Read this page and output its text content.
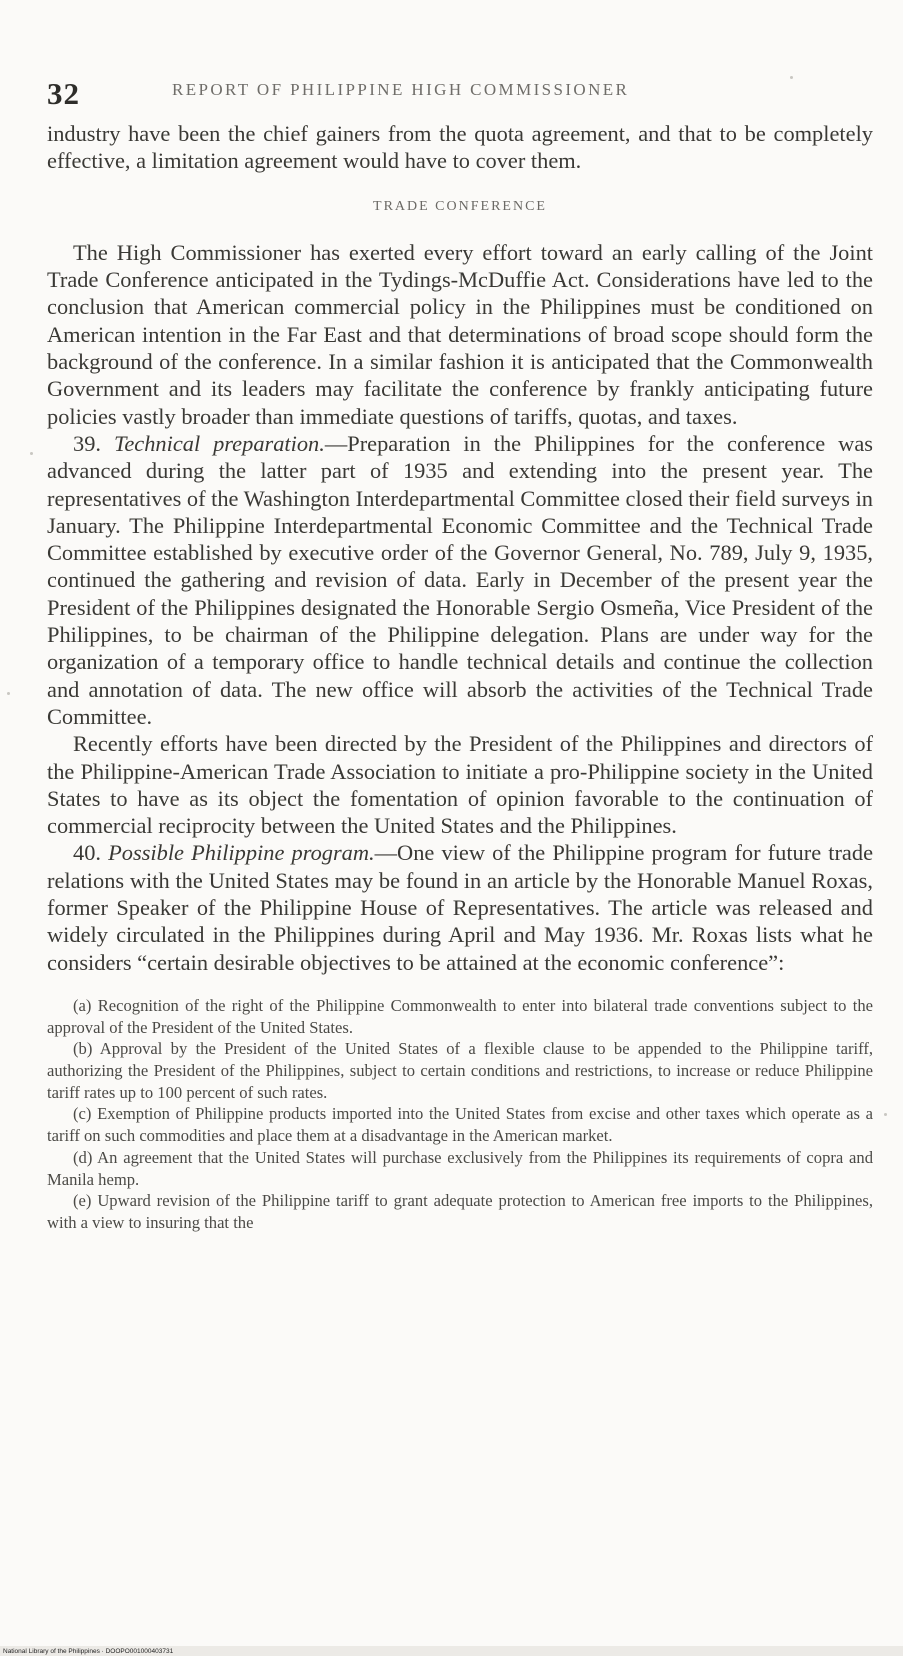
32	REPORT OF PHILIPPINE HIGH COMMISSIONER

industry have been the chief gainers from the quota agreement, and that to be completely effective, a limitation agreement would have to cover them.

TRADE CONFERENCE

The High Commissioner has exerted every effort toward an early calling of the Joint Trade Conference anticipated in the Tydings-McDuffie Act. Considerations have led to the conclusion that American commercial policy in the Philippines must be conditioned on American intention in the Far East and that determinations of broad scope should form the background of the conference. In a similar fashion it is anticipated that the Commonwealth Government and its leaders may facilitate the conference by frankly anticipating future policies vastly broader than immediate questions of tariffs, quotas, and taxes.

39. Technical preparation.—Preparation in the Philippines for the conference was advanced during the latter part of 1935 and extending into the present year. The representatives of the Washington Interdepartmental Committee closed their field surveys in January. The Philippine Interdepartmental Economic Committee and the Technical Trade Committee established by executive order of the Governor General, No. 789, July 9, 1935, continued the gathering and revision of data. Early in December of the present year the President of the Philippines designated the Honorable Sergio Osmeña, Vice President of the Philippines, to be chairman of the Philippine delegation. Plans are under way for the organization of a temporary office to handle technical details and continue the collection and annotation of data. The new office will absorb the activities of the Technical Trade Committee.

Recently efforts have been directed by the President of the Philippines and directors of the Philippine-American Trade Association to initiate a pro-Philippine society in the United States to have as its object the fomentation of opinion favorable to the continuation of commercial reciprocity between the United States and the Philippines.

40. Possible Philippine program.—One view of the Philippine program for future trade relations with the United States may be found in an article by the Honorable Manuel Roxas, former Speaker of the Philippine House of Representatives. The article was released and widely circulated in the Philippines during April and May 1936. Mr. Roxas lists what he considers “certain desirable objectives to be attained at the economic conference”:

(a) Recognition of the right of the Philippine Commonwealth to enter into bilateral trade conventions subject to the approval of the President of the United States.

(b) Approval by the President of the United States of a flexible clause to be appended to the Philippine tariff, authorizing the President of the Philippines, subject to certain conditions and restrictions, to increase or reduce Philippine tariff rates up to 100 percent of such rates.

(c) Exemption of Philippine products imported into the United States from excise and other taxes which operate as a tariff on such commodities and place them at a disadvantage in the American market.

(d) An agreement that the United States will purchase exclusively from the Philippines its requirements of copra and Manila hemp.

(e) Upward revision of the Philippine tariff to grant adequate protection to American free imports to the Philippines, with a view to insuring that the

National Library of the Philippines · DOOPO001000403731
